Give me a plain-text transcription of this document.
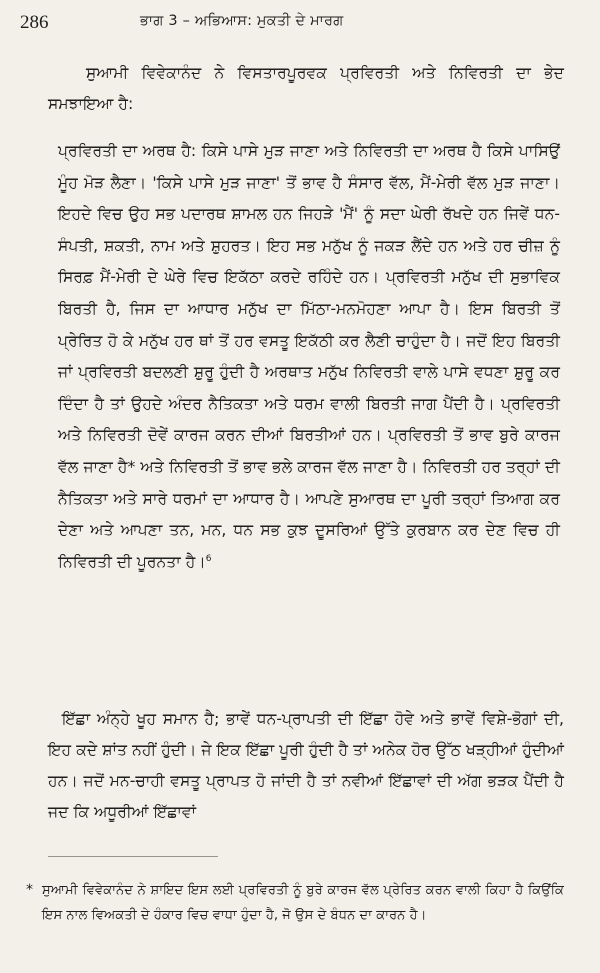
286	ਭਾਗ 3 – ਅਭਿਆਸ: ਮੁਕਤੀ ਦੇ ਮਾਰਗ

ਸੁਆਮੀ ਵਿਵੇਕਾਨੰਦ ਨੇ ਵਿਸਤਾਰਪੂਰਵਕ ਪ੍ਰਵਿਰਤੀ ਅਤੇ ਨਿਵਿਰਤੀ ਦਾ ਭੇਦ ਸਮਝਾਇਆ ਹੈ:

ਪ੍ਰਵਿਰਤੀ ਦਾ ਅਰਥ ਹੈ: ਕਿਸੇ ਪਾਸੇ ਮੁੜ ਜਾਣਾ ਅਤੇ ਨਿਵਿਰਤੀ ਦਾ ਅਰਥ ਹੈ ਕਿਸੇ ਪਾਸਿਉਂ ਮੂੰਹ ਮੋੜ ਲੈਣਾ। 'ਕਿਸੇ ਪਾਸੇ ਮੁੜ ਜਾਣਾ' ਤੋਂ ਭਾਵ ਹੈ ਸੰਸਾਰ ਵੱਲ, ਮੈਂ-ਮੇਰੀ ਵੱਲ ਮੁੜ ਜਾਣਾ। ਇਹਦੇ ਵਿਚ ਉਹ ਸਭ ਪਦਾਰਥ ਸ਼ਾਮਲ ਹਨ ਜਿਹੜੇ 'ਮੈਂ' ਨੂੰ ਸਦਾ ਘੇਰੀ ਰੱਖਦੇ ਹਨ ਜਿਵੇਂ ਧਨ-ਸੰਪਤੀ, ਸ਼ਕਤੀ, ਨਾਮ ਅਤੇ ਸ਼ੁਹਰਤ। ਇਹ ਸਭ ਮਨੁੱਖ ਨੂੰ ਜਕੜ ਲੈਂਦੇ ਹਨ ਅਤੇ ਹਰ ਚੀਜ਼ ਨੂੰ ਸਿਰਫ਼ ਮੈਂ-ਮੇਰੀ ਦੇ ਘੇਰੇ ਵਿਚ ਇਕੱਠਾ ਕਰਦੇ ਰਹਿੰਦੇ ਹਨ। ਪ੍ਰਵਿਰਤੀ ਮਨੁੱਖ ਦੀ ਸੁਭਾਵਿਕ ਬਿਰਤੀ ਹੈ, ਜਿਸ ਦਾ ਆਧਾਰ ਮਨੁੱਖ ਦਾ ਮਿੱਠਾ-ਮਨਮੋਹਣਾ ਆਪਾ ਹੈ। ਇਸ ਬਿਰਤੀ ਤੋਂ ਪ੍ਰੇਰਿਤ ਹੋ ਕੇ ਮਨੁੱਖ ਹਰ ਥਾਂ ਤੋਂ ਹਰ ਵਸਤੂ ਇਕੱਠੀ ਕਰ ਲੈਣੀ ਚਾਹੁੰਦਾ ਹੈ। ਜਦੋਂ ਇਹ ਬਿਰਤੀ ਜਾਂ ਪ੍ਰਵਿਰਤੀ ਬਦਲਣੀ ਸ਼ੁਰੂ ਹੁੰਦੀ ਹੈ ਅਰਥਾਤ ਮਨੁੱਖ ਨਿਵਿਰਤੀ ਵਾਲੇ ਪਾਸੇ ਵਧਣਾ ਸ਼ੁਰੂ ਕਰ ਦਿੰਦਾ ਹੈ ਤਾਂ ਉਹਦੇ ਅੰਦਰ ਨੈਤਿਕਤਾ ਅਤੇ ਧਰਮ ਵਾਲੀ ਬਿਰਤੀ ਜਾਗ ਪੈਂਦੀ ਹੈ। ਪ੍ਰਵਿਰਤੀ ਅਤੇ ਨਿਵਿਰਤੀ ਦੋਵੇਂ ਕਾਰਜ ਕਰਨ ਦੀਆਂ ਬਿਰਤੀਆਂ ਹਨ। ਪ੍ਰਵਿਰਤੀ ਤੋਂ ਭਾਵ ਬੁਰੇ ਕਾਰਜ ਵੱਲ ਜਾਣਾ ਹੈ* ਅਤੇ ਨਿਵਿਰਤੀ ਤੋਂ ਭਾਵ ਭਲੇ ਕਾਰਜ ਵੱਲ ਜਾਣਾ ਹੈ। ਨਿਵਿਰਤੀ ਹਰ ਤਰ੍ਹਾਂ ਦੀ ਨੈਤਿਕਤਾ ਅਤੇ ਸਾਰੇ ਧਰਮਾਂ ਦਾ ਆਧਾਰ ਹੈ। ਆਪਣੇ ਸੁਆਰਥ ਦਾ ਪੂਰੀ ਤਰ੍ਹਾਂ ਤਿਆਗ ਕਰ ਦੇਣਾ ਅਤੇ ਆਪਣਾ ਤਨ, ਮਨ, ਧਨ ਸਭ ਕੁਝ ਦੂਸਰਿਆਂ ਉੱਤੇ ਕੁਰਬਾਨ ਕਰ ਦੇਣ ਵਿਚ ਹੀ ਨਿਵਿਰਤੀ ਦੀ ਪੂਰਨਤਾ ਹੈ।$^6$

ਇੱਛਾ ਅੰਨ੍ਹੇ ਖੂਹ ਸਮਾਨ ਹੈ; ਭਾਵੇਂ ਧਨ-ਪ੍ਰਾਪਤੀ ਦੀ ਇੱਛਾ ਹੋਵੇ ਅਤੇ ਭਾਵੇਂ ਵਿਸ਼ੇ-ਭੋਗਾਂ ਦੀ, ਇਹ ਕਦੇ ਸ਼ਾਂਤ ਨਹੀਂ ਹੁੰਦੀ। ਜੇ ਇਕ ਇੱਛਾ ਪੂਰੀ ਹੁੰਦੀ ਹੈ ਤਾਂ ਅਨੇਕ ਹੋਰ ਉੱਠ ਖੜ੍ਹੀਆਂ ਹੁੰਦੀਆਂ ਹਨ। ਜਦੋਂ ਮਨ-ਚਾਹੀ ਵਸਤੂ ਪ੍ਰਾਪਤ ਹੋ ਜਾਂਦੀ ਹੈ ਤਾਂ ਨਵੀਆਂ ਇੱਛਾਵਾਂ ਦੀ ਅੱਗ ਭੜਕ ਪੈਂਦੀ ਹੈ ਜਦ ਕਿ ਅਧੂਰੀਆਂ ਇੱਛਾਵਾਂ

* ਸੁਆਮੀ ਵਿਵੇਕਾਨੰਦ ਨੇ ਸ਼ਾਇਦ ਇਸ ਲਈ ਪ੍ਰਵਿਰਤੀ ਨੂੰ ਬੁਰੇ ਕਾਰਜ ਵੱਲ ਪ੍ਰੇਰਿਤ ਕਰਨ ਵਾਲੀ ਕਿਹਾ ਹੈ ਕਿਉਂਕਿ ਇਸ ਨਾਲ ਵਿਅਕਤੀ ਦੇ ਹੰਕਾਰ ਵਿਚ ਵਾਧਾ ਹੁੰਦਾ ਹੈ, ਜੋ ਉਸ ਦੇ ਬੰਧਨ ਦਾ ਕਾਰਨ ਹੈ।
